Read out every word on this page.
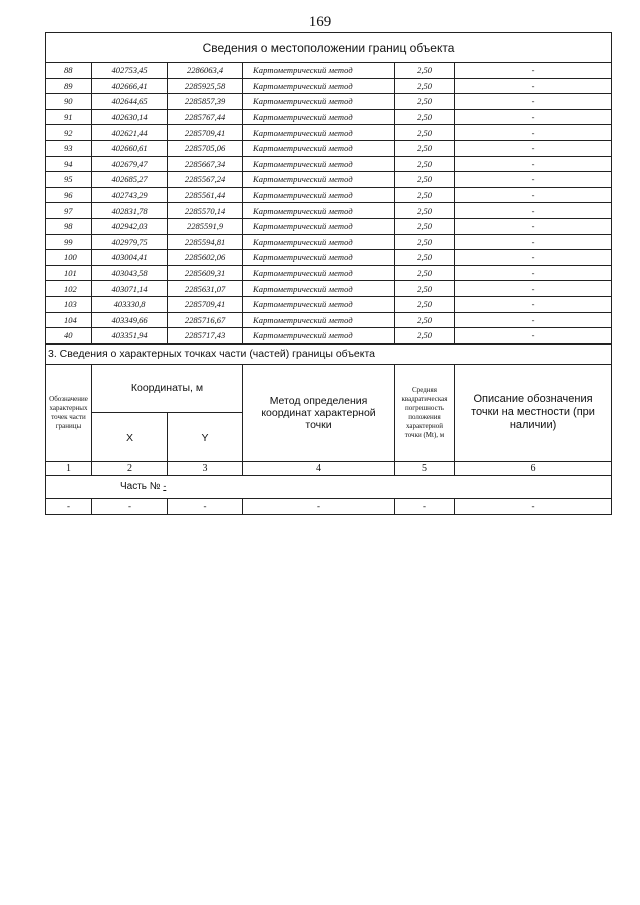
169
Сведения о местоположении границ объекта					
88	402753,45	2286063,4	Картометрический метод	2,50	-
89	402666,41	2285925,58	Картометрический метод	2,50	-
90	402644,65	2285857,39	Картометрический метод	2,50	-
91	402630,14	2285767,44	Картометрический метод	2,50	-
92	402621,44	2285709,41	Картометрический метод	2,50	-
93	402660,61	2285705,06	Картометрический метод	2,50	-
94	402679,47	2285667,34	Картометрический метод	2,50	-
95	402685,27	2285567,24	Картометрический метод	2,50	-
96	402743,29	2285561,44	Картометрический метод	2,50	-
97	402831,78	2285570,14	Картометрический метод	2,50	-
98	402942,03	2285591,9	Картометрический метод	2,50	-
99	402979,75	2285594,81	Картометрический метод	2,50	-
100	403004,41	2285602,06	Картометрический метод	2,50	-
101	403043,58	2285609,31	Картометрический метод	2,50	-
102	403071,14	2285631,07	Картометрический метод	2,50	-
103	403330,8	2285709,41	Картометрический метод	2,50	-
104	403349,66	2285716,67	Картометрический метод	2,50	-
40	403351,94	2285717,43	Картометрический метод	2,50	-
3. Сведения о характерных точках части (частей) границы объекта					

Обозначение характерных точек части границы	Координаты, м		Метод определения координат характерной точки	Средняя квадратическая погрешность положения характерной точки (Мt), м	Описание обозначения точки на местности (при наличии)

	X	Y			
1	2	3	4	5	6
Часть № -					
-	-	-	-	-	-
